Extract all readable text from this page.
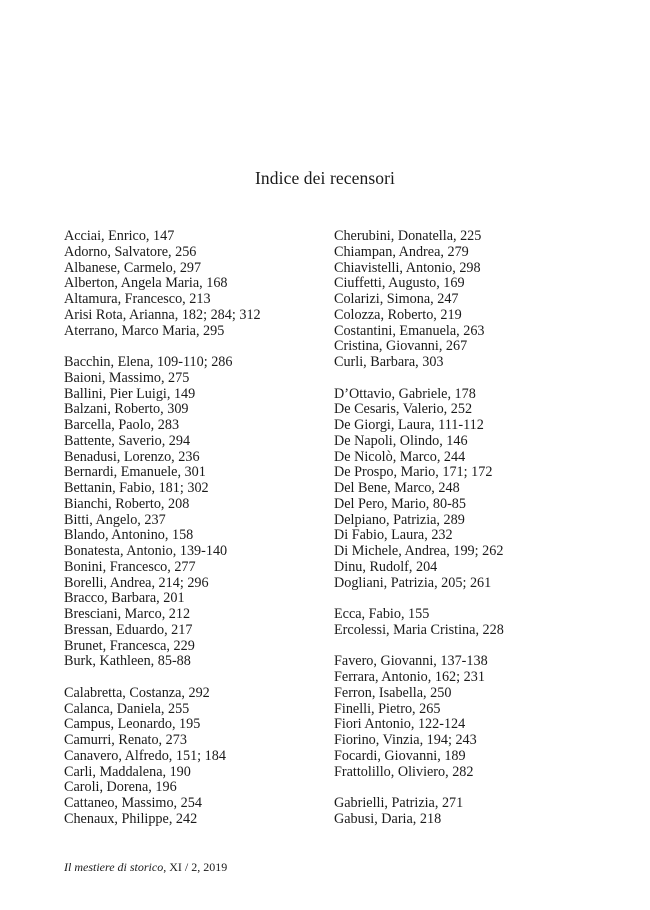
Indice dei recensori
Acciai, Enrico, 147
Adorno, Salvatore, 256
Albanese, Carmelo, 297
Alberton, Angela Maria, 168
Altamura, Francesco, 213
Arisi Rota, Arianna, 182; 284; 312
Aterrano, Marco Maria, 295
Bacchin, Elena, 109-110; 286
Baioni, Massimo, 275
Ballini, Pier Luigi, 149
Balzani, Roberto, 309
Barcella, Paolo, 283
Battente, Saverio, 294
Benadusi, Lorenzo, 236
Bernardi, Emanuele, 301
Bettanin, Fabio, 181; 302
Bianchi, Roberto, 208
Bitti, Angelo, 237
Blando, Antonino, 158
Bonatesta, Antonio, 139-140
Bonini, Francesco, 277
Borelli, Andrea, 214; 296
Bracco, Barbara, 201
Bresciani, Marco, 212
Bressan, Eduardo, 217
Brunet, Francesca, 229
Burk, Kathleen, 85-88
Calabretta, Costanza, 292
Calanca, Daniela, 255
Campus, Leonardo, 195
Camurri, Renato, 273
Canavero, Alfredo, 151; 184
Carli, Maddalena, 190
Caroli, Dorena, 196
Cattaneo, Massimo, 254
Chenaux, Philippe, 242
Cherubini, Donatella, 225
Chiampan, Andrea, 279
Chiavistelli, Antonio, 298
Ciuffetti, Augusto, 169
Colarizi, Simona, 247
Colozza, Roberto, 219
Costantini, Emanuela, 263
Cristina, Giovanni, 267
Curli, Barbara, 303
D’Ottavio, Gabriele, 178
De Cesaris, Valerio, 252
De Giorgi, Laura, 111-112
De Napoli, Olindo, 146
De Nicolò, Marco, 244
De Prospo, Mario, 171; 172
Del Bene, Marco, 248
Del Pero, Mario, 80-85
Delpiano, Patrizia, 289
Di Fabio, Laura, 232
Di Michele, Andrea, 199; 262
Dinu, Rudolf, 204
Dogliani, Patrizia, 205; 261
Ecca, Fabio, 155
Ercolessi, Maria Cristina, 228
Favero, Giovanni, 137-138
Ferrara, Antonio, 162; 231
Ferron, Isabella, 250
Finelli, Pietro, 265
Fiori Antonio, 122-124
Fiorino, Vinzia, 194; 243
Focardi, Giovanni, 189
Frattolillo, Oliviero, 282
Gabrielli, Patrizia, 271
Gabusi, Daria, 218
Il mestiere di storico, XI / 2, 2019
